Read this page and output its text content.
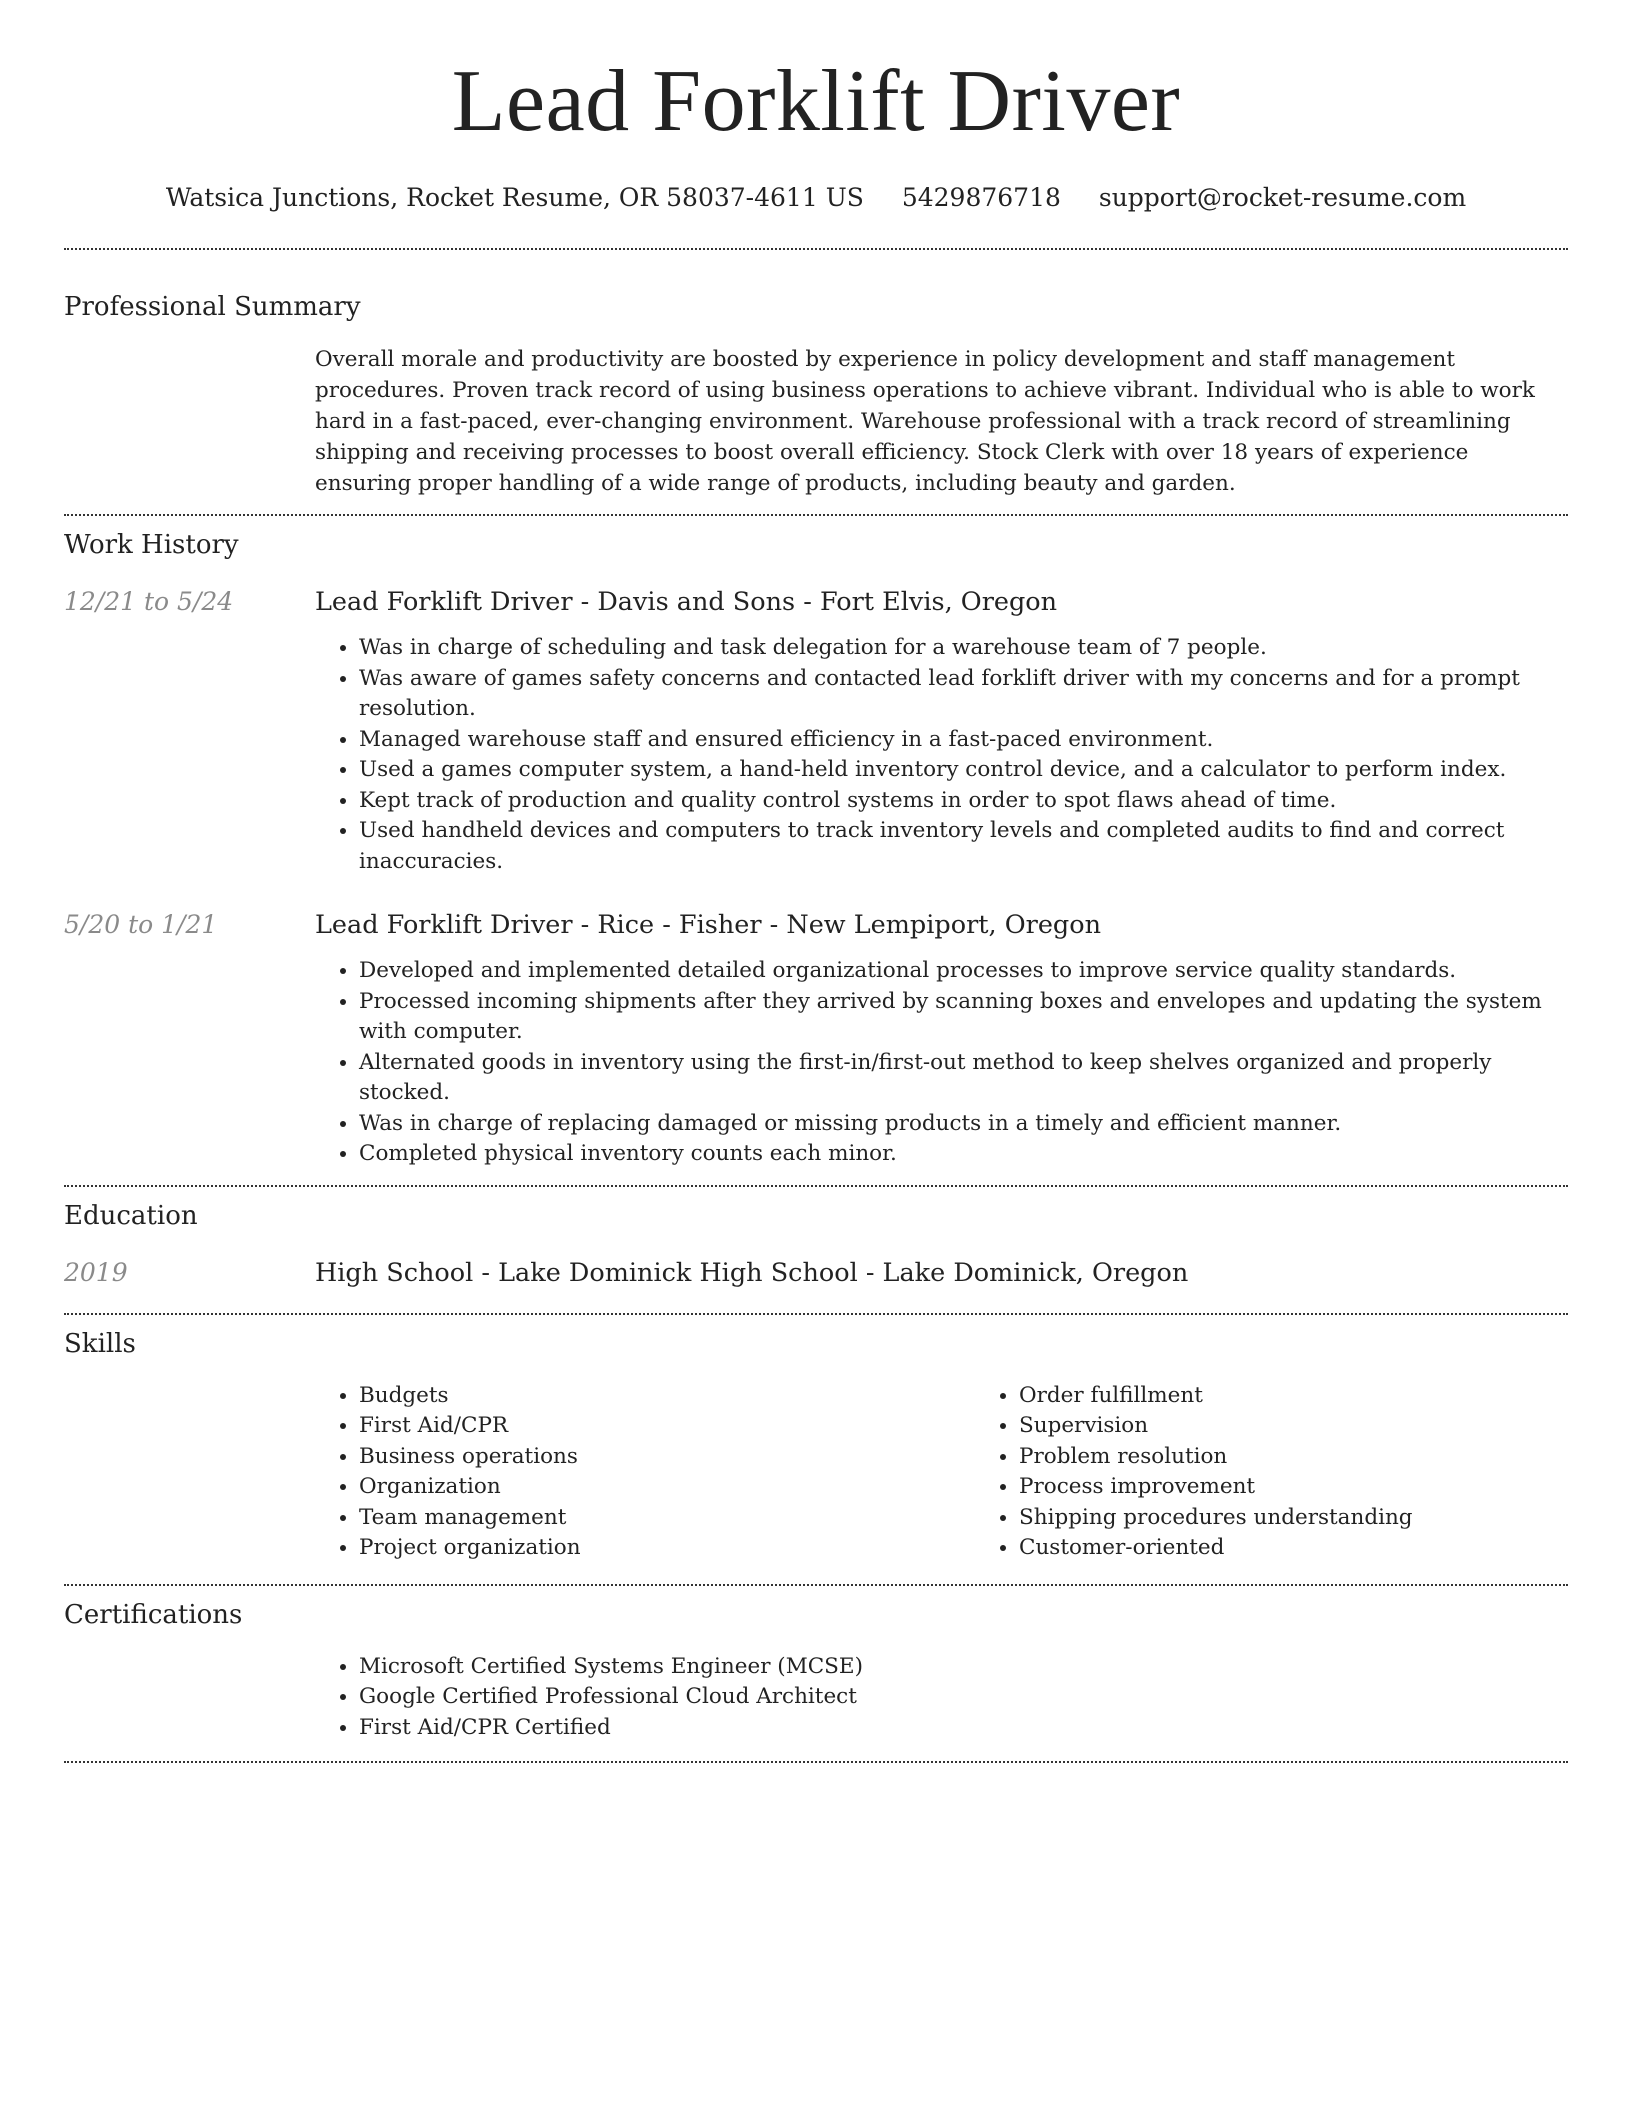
Lead Forklift Driver
Watsica Junctions, Rocket Resume, OR 58037-4611 US 5429876718 support@rocket-resume.com
Professional Summary

Overall morale and productivity are boosted by experience in policy development and staff management procedures. Proven track record of using business operations to achieve vibrant. Individual who is able to work hard in a fast-paced, ever-changing environment. Warehouse professional with a track record of streamlining shipping and receiving processes to boost overall efficiency. Stock Clerk with over 18 years of experience ensuring proper handling of a wide range of products, including beauty and garden.

Work History
12/21 to 5/24	Lead Forklift Driver - Davis and Sons - Fort Elvis, Oregon
• Was in charge of scheduling and task delegation for a warehouse team of 7 people.
• Was aware of games safety concerns and contacted lead forklift driver with my concerns and for a prompt resolution.
• Managed warehouse staff and ensured efficiency in a fast-paced environment.
• Used a games computer system, a hand-held inventory control device, and a calculator to perform index.
• Kept track of production and quality control systems in order to spot flaws ahead of time.
• Used handheld devices and computers to track inventory levels and completed audits to find and correct inaccuracies.
5/20 to 1/21	Lead Forklift Driver - Rice - Fisher - New Lempiport, Oregon
• Developed and implemented detailed organizational processes to improve service quality standards.
• Processed incoming shipments after they arrived by scanning boxes and envelopes and updating the system with computer.
• Alternated goods in inventory using the first-in/first-out method to keep shelves organized and properly stocked.
• Was in charge of replacing damaged or missing products in a timely and efficient manner.
• Completed physical inventory counts each minor.
Education
2019	High School - Lake Dominick High School - Lake Dominick, Oregon
Skills
• Budgets
• First Aid/CPR
• Business operations
• Organization
• Team management
• Project organization
• Order fulfillment
• Supervision
• Problem resolution
• Process improvement
• Shipping procedures understanding
• Customer-oriented
Certifications
• Microsoft Certified Systems Engineer (MCSE)
• Google Certified Professional Cloud Architect
• First Aid/CPR Certified
